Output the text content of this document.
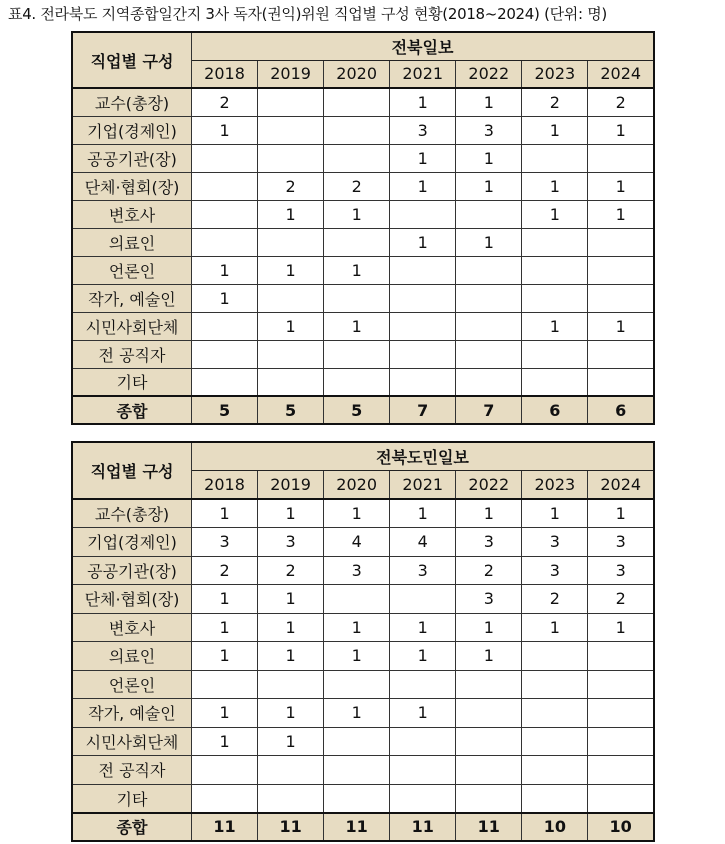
표4. 전라북도 지역종합일간지 3사 독자(권익)위원 직업별 구성 현황(2018~2024) (단위: 명)
직업별 구성	전북일보						
	2018	2019	2020	2021	2022	2023	2024
교수(총장)	2			1	1	2	2
기업(경제인)	1			3	3	1	1
공공기관(장)				1	1		
단체·협회(장)		2	2	1	1	1	1
변호사		1	1			1	1
의료인				1	1		
언론인	1	1	1				
작가, 예술인	1						
시민사회단체		1	1			1	1
전 공직자							
기타							
종합	5	5	5	7	7	6	6
직업별 구성	전북도민일보						
	2018	2019	2020	2021	2022	2023	2024
교수(총장)	1	1	1	1	1	1	1
기업(경제인)	3	3	4	4	3	3	3
공공기관(장)	2	2	3	3	2	3	3
단체·협회(장)	1	1			3	2	2
변호사	1	1	1	1	1	1	1
의료인	1	1	1	1	1		
언론인							
작가, 예술인	1	1	1	1			
시민사회단체	1	1					
전 공직자							
기타							
종합	11	11	11	11	11	10	10
